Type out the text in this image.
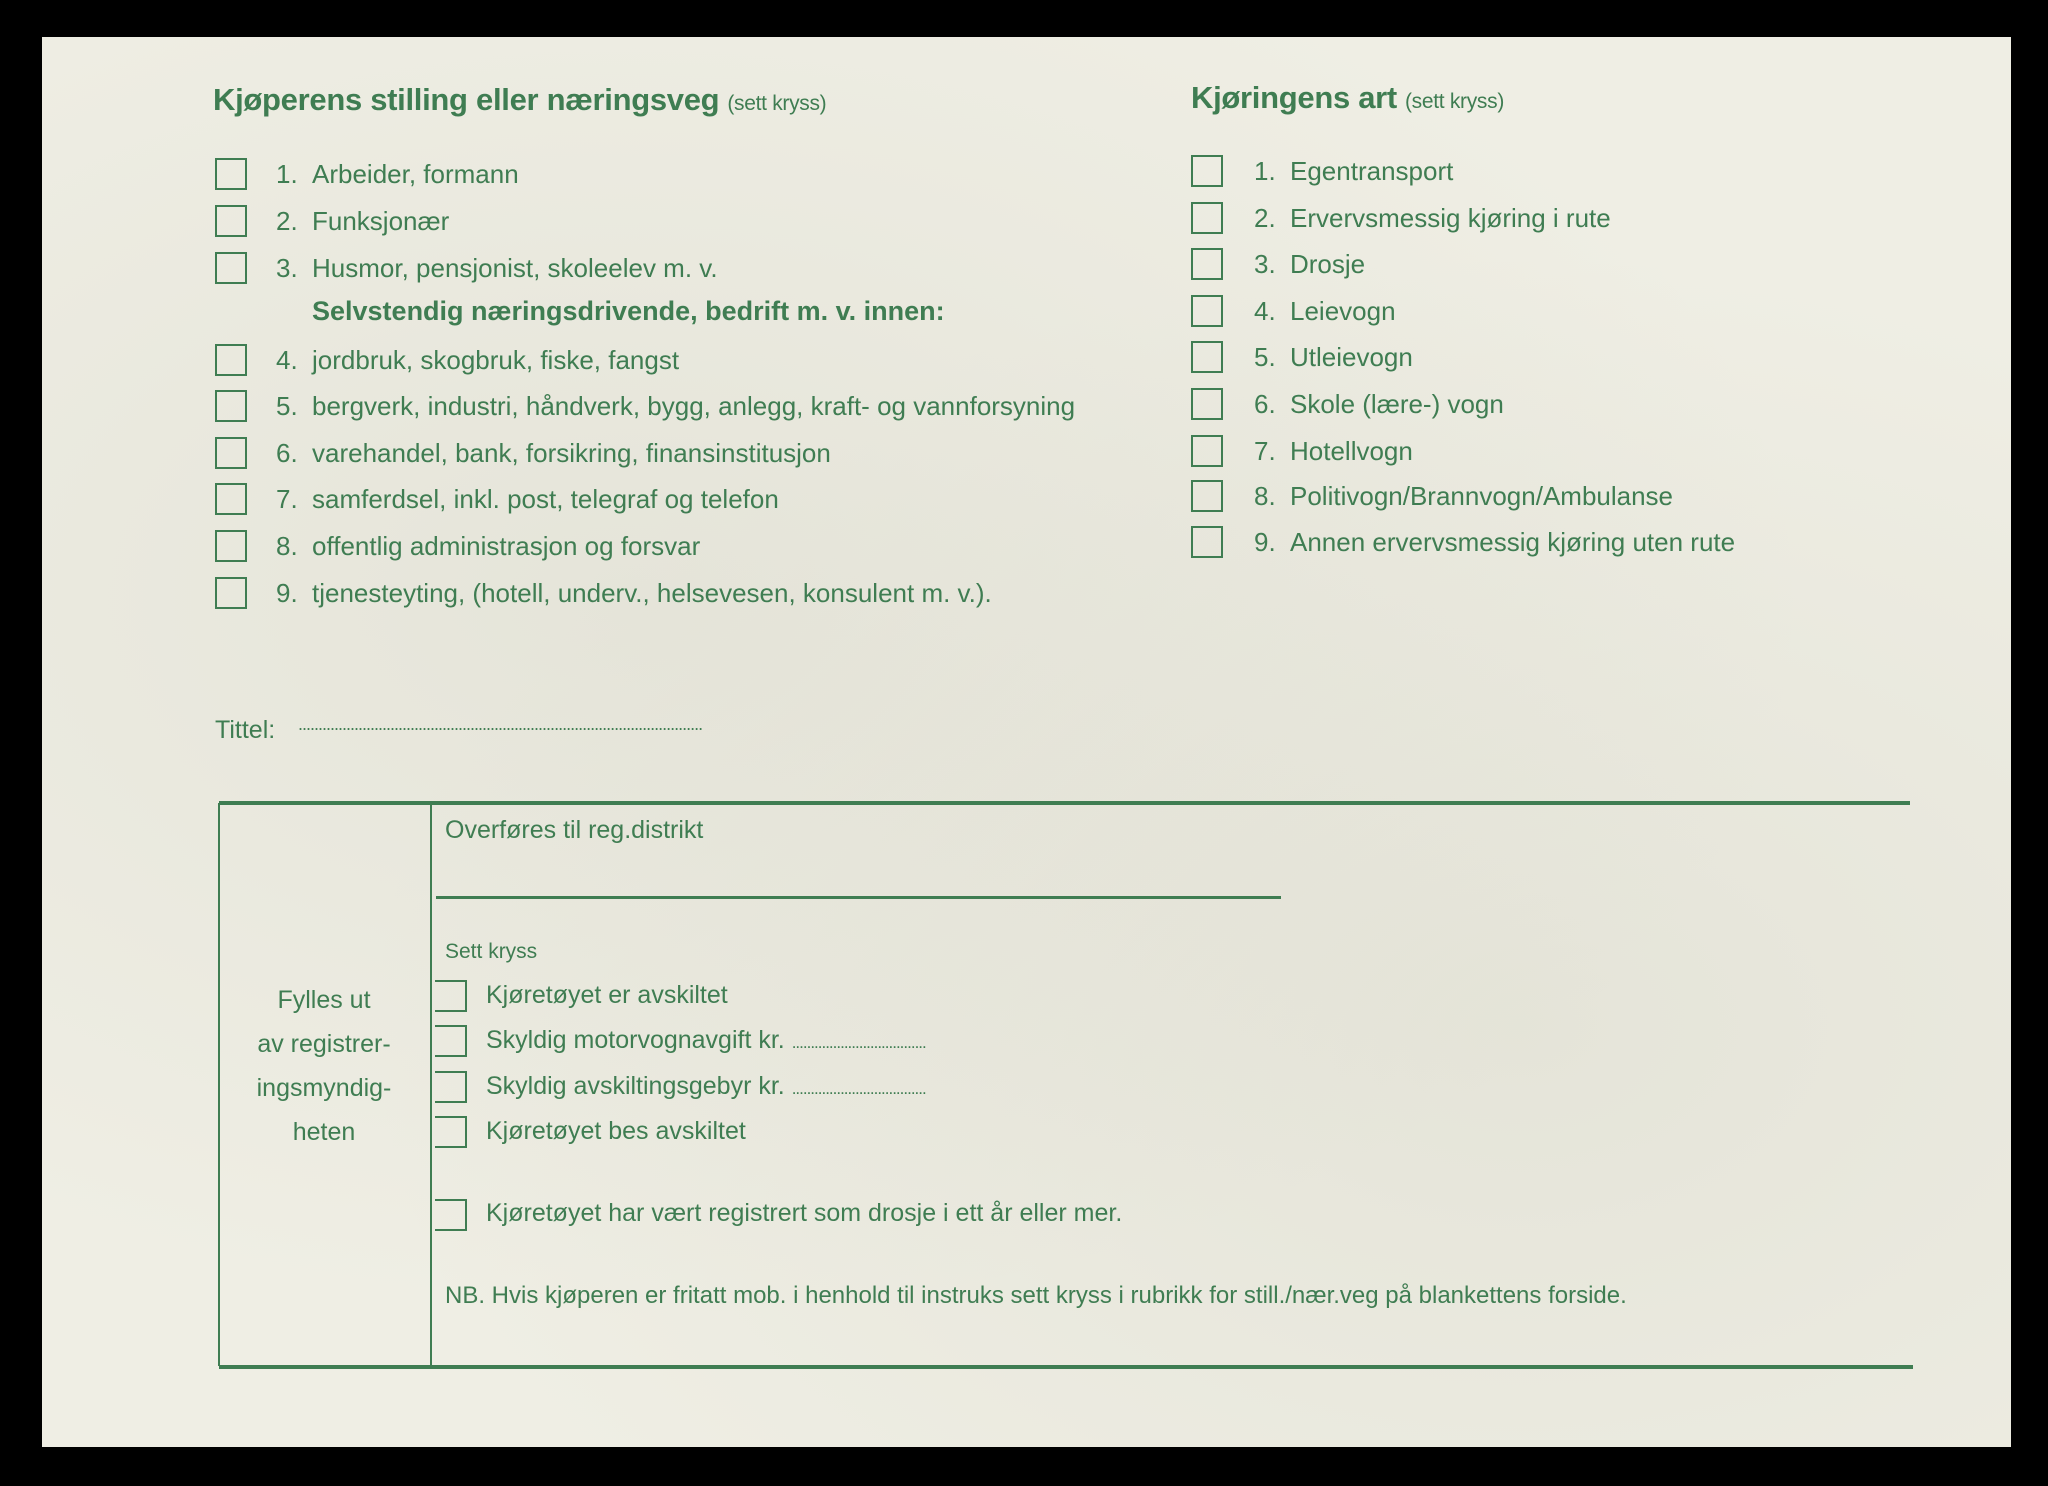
Kjøperens stilling eller næringsveg (sett kryss)
1. Arbeider, formann
2. Funksjonær
3. Husmor, pensjonist, skoleelev m. v.
Selvstendig næringsdrivende, bedrift m. v. innen:
4. jordbruk, skogbruk, fiske, fangst
5. bergverk, industri, håndverk, bygg, anlegg, kraft- og vannforsyning
6. varehandel, bank, forsikring, finansinstitusjon
7. samferdsel, inkl. post, telegraf og telefon
8. offentlig administrasjon og forsvar
9. tjenesteyting, (hotell, underv., helsevesen, konsulent m. v.).
Kjøringens art (sett kryss)
1. Egentransport
2. Ervervsmessig kjøring i rute
3. Drosje
4. Leievogn
5. Utleievogn
6. Skole (lære-) vogn
7. Hotellvogn
8. Politivogn/Brannvogn/Ambulanse
9. Annen ervervsmessig kjøring uten rute
Tittel: .....................................................................................................
Fylles ut
av registrer-
ingsmyndig-
heten
Overføres til reg.distrikt
Sett kryss
Kjøretøyet er avskiltet
Skyldig motorvognavgift kr. ....................................
Skyldig avskiltingsgebyr kr. ....................................
Kjøretøyet bes avskiltet
Kjøretøyet har vært registrert som drosje i ett år eller mer.
NB. Hvis kjøperen er fritatt mob. i henhold til instruks sett kryss i rubrikk for still./nær.veg på blankettens forside.
